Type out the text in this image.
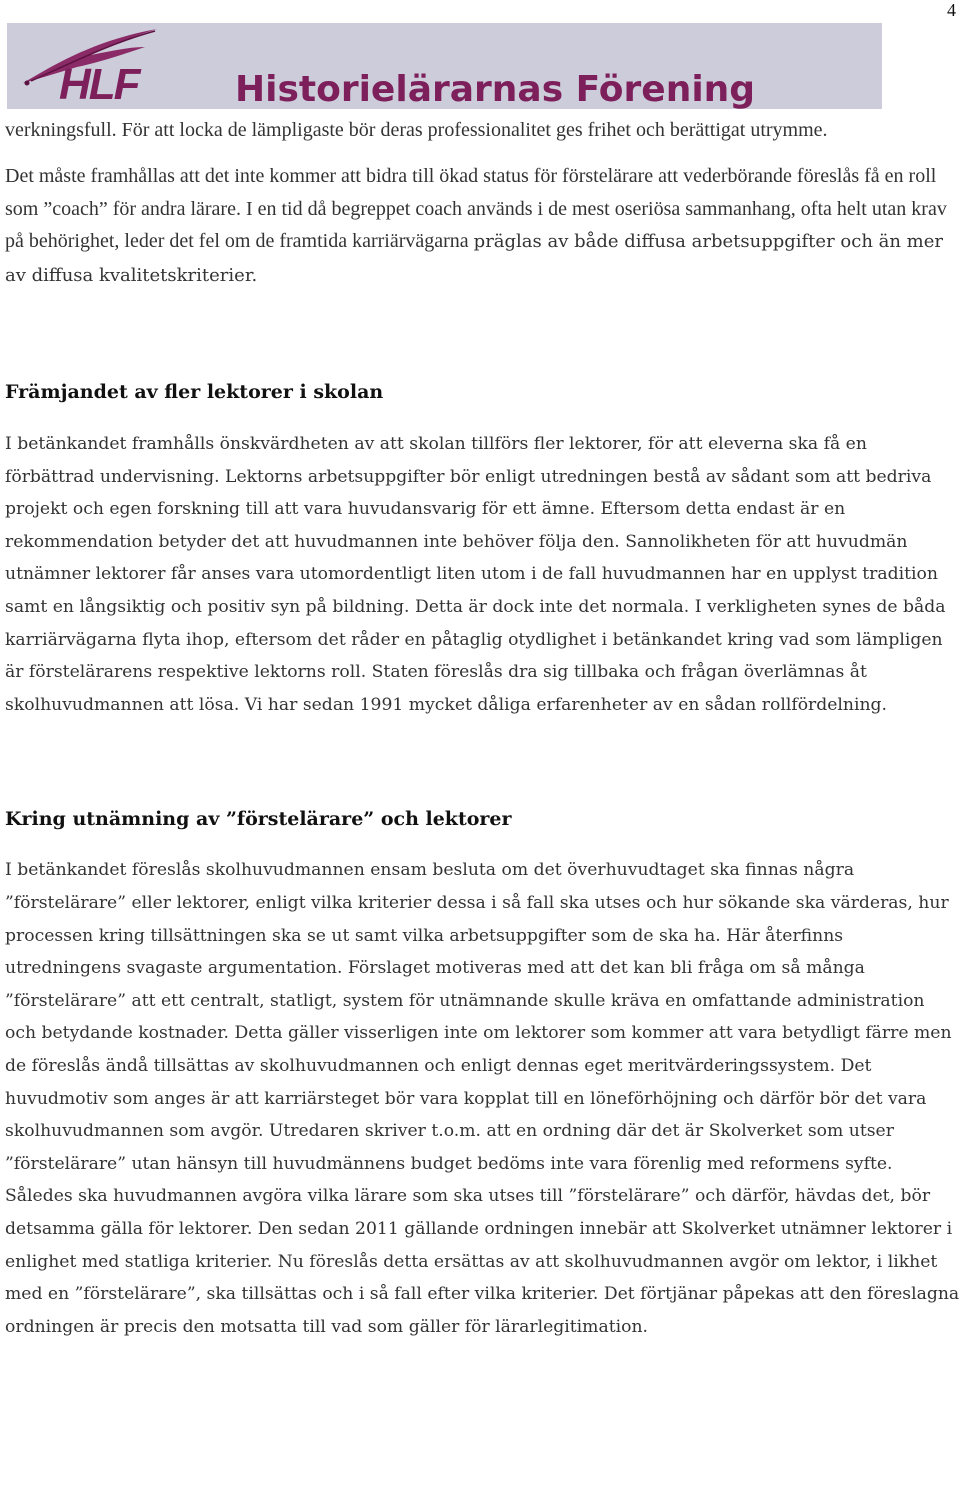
4
HLF	Historielärarnas Förening

verkningsfull. För att locka de lämpligaste bör deras professionalitet ges frihet och berättigat utrymme.

Det måste framhållas att det inte kommer att bidra till ökad status för förstelärare att vederbörande föreslås få en roll som ”coach” för andra lärare. I en tid då begreppet coach används i de mest oseriösa sammanhang, ofta helt utan krav på behörighet, leder det fel om de framtida karriärvägarna präglas av både diffusa arbetsuppgifter och än mer av diffusa kvalitetskriterier.

Främjandet av fler lektorer i skolan

I betänkandet framhålls önskvärdheten av att skolan tillförs fler lektorer, för att eleverna ska få en förbättrad undervisning. Lektorns arbetsuppgifter bör enligt utredningen bestå av sådant som att bedriva projekt och egen forskning till att vara huvudansvarig för ett ämne. Eftersom detta endast är en rekommendation betyder det att huvudmannen inte behöver följa den. Sannolikheten för att huvudmän utnämner lektorer får anses vara utomordentligt liten utom i de fall huvudmannen har en upplyst tradition samt en långsiktig och positiv syn på bildning. Detta är dock inte det normala. I verkligheten synes de båda karriärvägarna flyta ihop, eftersom det råder en påtaglig otydlighet i betänkandet kring vad som lämpligen är förstelärarens respektive lektorns roll. Staten föreslås dra sig tillbaka och frågan överlämnas åt skolhuvudmannen att lösa. Vi har sedan 1991 mycket dåliga erfarenheter av en sådan rollfördelning.

Kring utnämning av ”förstelärare” och lektorer

I betänkandet föreslås skolhuvudmannen ensam besluta om det överhuvudtaget ska finnas några ”förstelärare” eller lektorer, enligt vilka kriterier dessa i så fall ska utses och hur sökande ska värderas, hur processen kring tillsättningen ska se ut samt vilka arbetsuppgifter som de ska ha. Här återfinns utredningens svagaste argumentation. Förslaget motiveras med att det kan bli fråga om så många ”förstelärare” att ett centralt, statligt, system för utnämnande skulle kräva en omfattande administration och betydande kostnader. Detta gäller visserligen inte om lektorer som kommer att vara betydligt färre men de föreslås ändå tillsättas av skolhuvudmannen och enligt dennas eget meritvärderingssystem. Det huvudmotiv som anges är att karriärsteget bör vara kopplat till en löneförhöjning och därför bör det vara skolhuvudmannen som avgör. Utredaren skriver t.o.m. att en ordning där det är Skolverket som utser ”förstelärare” utan hänsyn till huvudmännens budget bedöms inte vara förenlig med reformens syfte. Således ska huvudmannen avgöra vilka lärare som ska utses till ”förstelärare” och därför, hävdas det, bör detsamma gälla för lektorer. Den sedan 2011 gällande ordningen innebär att Skolverket utnämner lektorer i enlighet med statliga kriterier. Nu föreslås detta ersättas av att skolhuvudmannen avgör om lektor, i likhet med en ”förstelärare”, ska tillsättas och i så fall efter vilka kriterier. Det förtjänar påpekas att den föreslagna ordningen är precis den motsatta till vad som gäller för lärarlegitimation.
